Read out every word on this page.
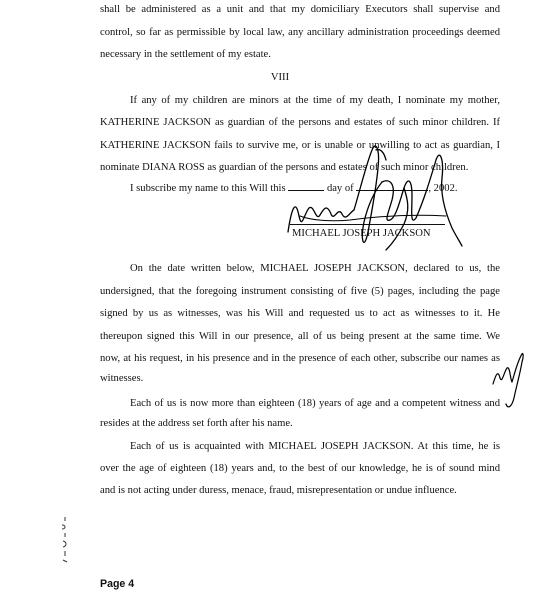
shall be administered as a unit and that my domiciliary Executors shall supervise and
control, so far as permissible by local law, any ancillary administration proceedings deemed
necessary in the settlement of my estate.
VIII
If any of my children are minors at the time of my death, I nominate my mother,
KATHERINE JACKSON as guardian of the persons and estates of such minor children. If
KATHERINE JACKSON fails to survive me, or is unable or unwilling to act as guardian, I
nominate DIANA ROSS as guardian of the persons and estates of such minor children.
I subscribe my name to this Will this	day of	, 2002.
MICHAEL JOSEPH JACKSON
On the date written below, MICHAEL JOSEPH JACKSON, declared to us, the
undersigned, that the foregoing instrument consisting of five (5) pages, including the page
signed by us as witnesses, was his Will and requested us to act as witnesses to it. He
thereupon signed this Will in our presence, all of us being present at the same time. We
now, at his request, in his presence and in the presence of each other, subscribe our names as
witnesses.
Each of us is now more than eighteen (18) years of age and a competent witness and
resides at the address set forth after his name.
Each of us is acquainted with MICHAEL JOSEPH JACKSON. At this time, he is
over the age of eighteen (18) years and, to the best of our knowledge, he is of sound mind
and is not acting under duress, menace, fraud, misrepresentation or undue influence.
Page 4
